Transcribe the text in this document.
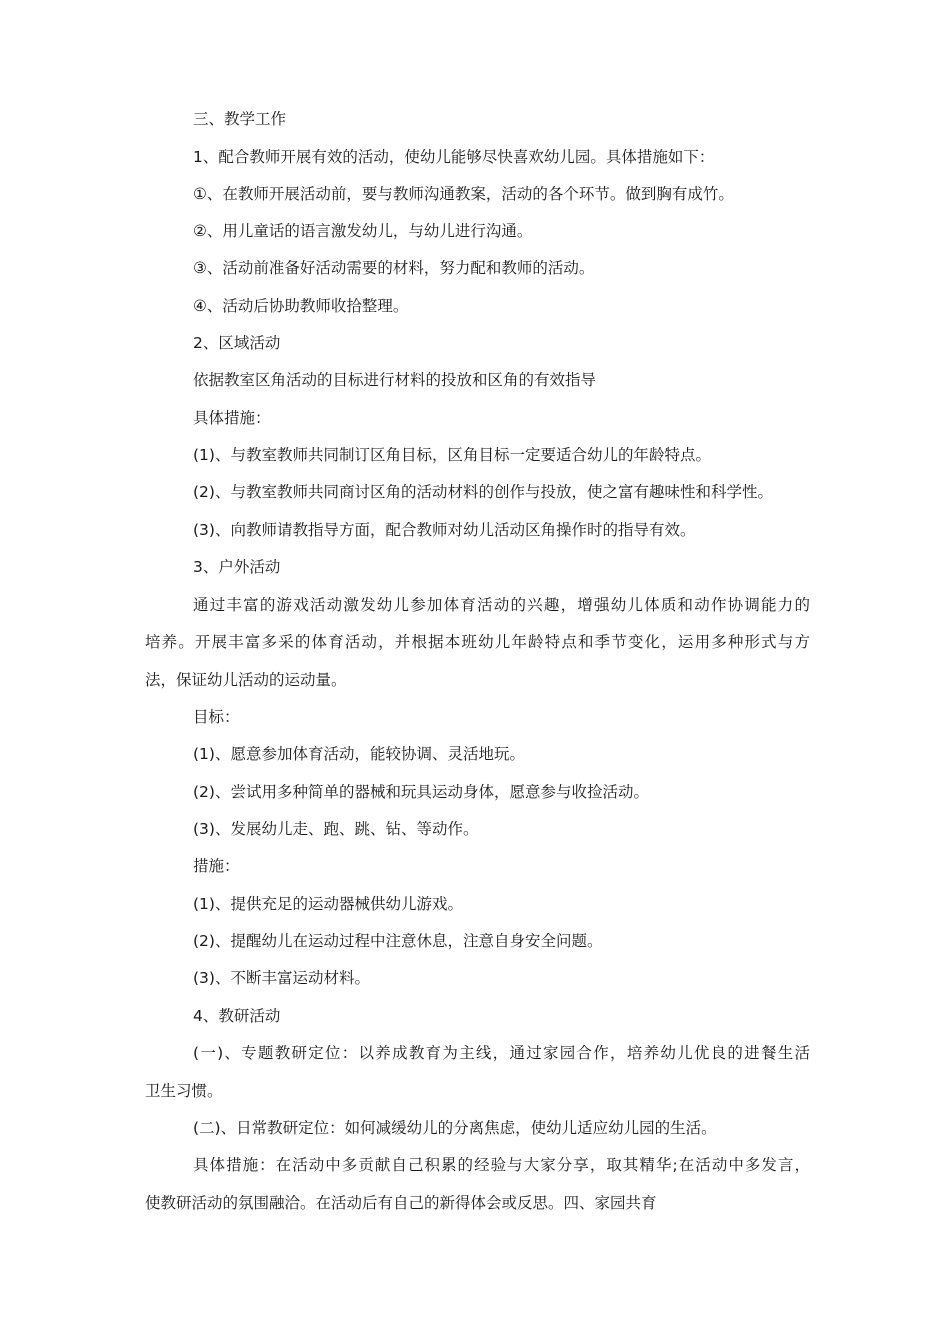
三、教学工作
1、配合教师开展有效的活动，使幼儿能够尽快喜欢幼儿园。具体措施如下：
①、在教师开展活动前，要与教师沟通教案，活动的各个环节。做到胸有成竹。
②、用儿童话的语言激发幼儿，与幼儿进行沟通。
③、活动前准备好活动需要的材料，努力配和教师的活动。
④、活动后协助教师收拾整理。
2、区域活动
依据教室区角活动的目标进行材料的投放和区角的有效指导
具体措施：
(1)、与教室教师共同制订区角目标，区角目标一定要适合幼儿的年龄特点。
(2)、与教室教师共同商讨区角的活动材料的创作与投放，使之富有趣味性和科学性。
(3)、向教师请教指导方面，配合教师对幼儿活动区角操作时的指导有效。
3、户外活动
通过丰富的游戏活动激发幼儿参加体育活动的兴趣，增强幼儿体质和动作协调能力的
培养。开展丰富多采的体育活动，并根据本班幼儿年龄特点和季节变化，运用多种形式与方
法，保证幼儿活动的运动量。
目标：
(1)、愿意参加体育活动，能较协调、灵活地玩。
(2)、尝试用多种简单的器械和玩具运动身体，愿意参与收捡活动。
(3)、发展幼儿走、跑、跳、钻、等动作。
措施：
(1)、提供充足的运动器械供幼儿游戏。
(2)、提醒幼儿在运动过程中注意休息，注意自身安全问题。
(3)、不断丰富运动材料。
4、教研活动
(一)、专题教研定位：以养成教育为主线，通过家园合作，培养幼儿优良的进餐生活
卫生习惯。
(二)、日常教研定位：如何减缓幼儿的分离焦虑，使幼儿适应幼儿园的生活。
具体措施：在活动中多贡献自己积累的经验与大家分享，取其精华;在活动中多发言，
使教研活动的氛围融洽。在活动后有自己的新得体会或反思。四、家园共育
